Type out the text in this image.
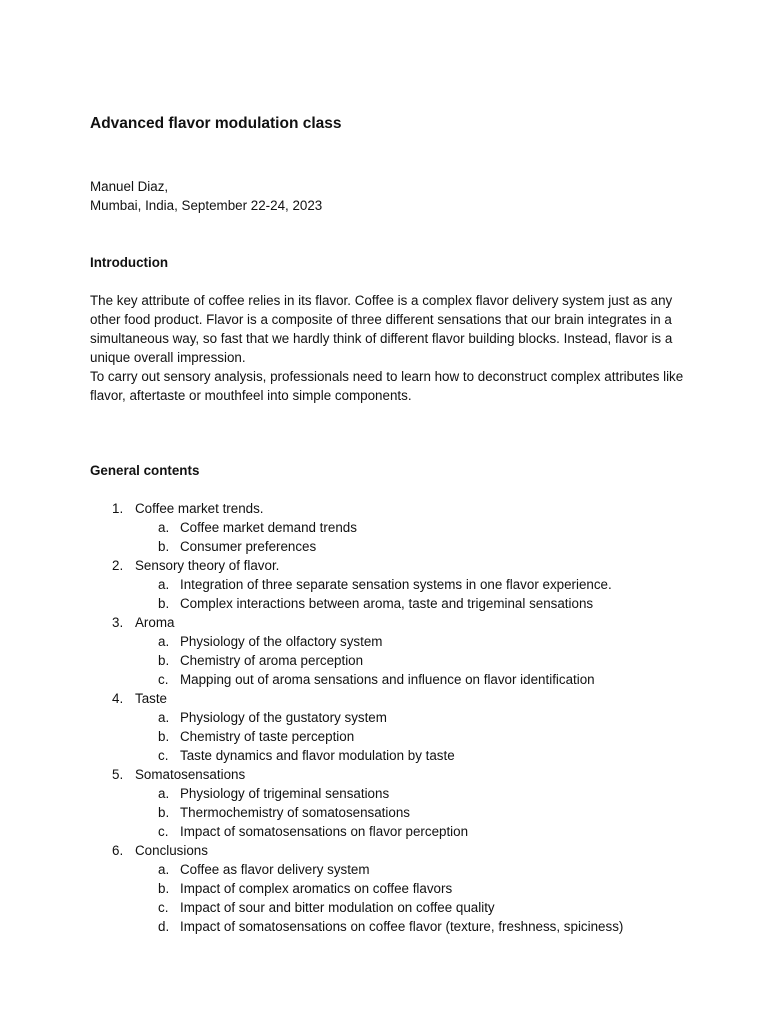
Advanced flavor modulation class
Manuel Diaz,
Mumbai, India, September 22-24, 2023
Introduction

The key attribute of coffee relies in its flavor. Coffee is a complex flavor delivery system just as any other food product. Flavor is a composite of three different sensations that our brain integrates in a simultaneous way, so fast that we hardly think of different flavor building blocks. Instead, flavor is a unique overall impression.

To carry out sensory analysis, professionals need to learn how to deconstruct complex attributes like flavor, aftertaste or mouthfeel into simple components.

General contents
1. Coffee market trends.
a. Coffee market demand trends
b. Consumer preferences
2. Sensory theory of flavor.
a. Integration of three separate sensation systems in one flavor experience.
b. Complex interactions between aroma, taste and trigeminal sensations
3. Aroma
a. Physiology of the olfactory system
b. Chemistry of aroma perception
c. Mapping out of aroma sensations and influence on flavor identification
4. Taste
a. Physiology of the gustatory system
b. Chemistry of taste perception
c. Taste dynamics and flavor modulation by taste
5. Somatosensations
a. Physiology of trigeminal sensations
b. Thermochemistry of somatosensations
c. Impact of somatosensations on flavor perception
6. Conclusions
a. Coffee as flavor delivery system
b. Impact of complex aromatics on coffee flavors
c. Impact of sour and bitter modulation on coffee quality
d. Impact of somatosensations on coffee flavor (texture, freshness, spiciness)
